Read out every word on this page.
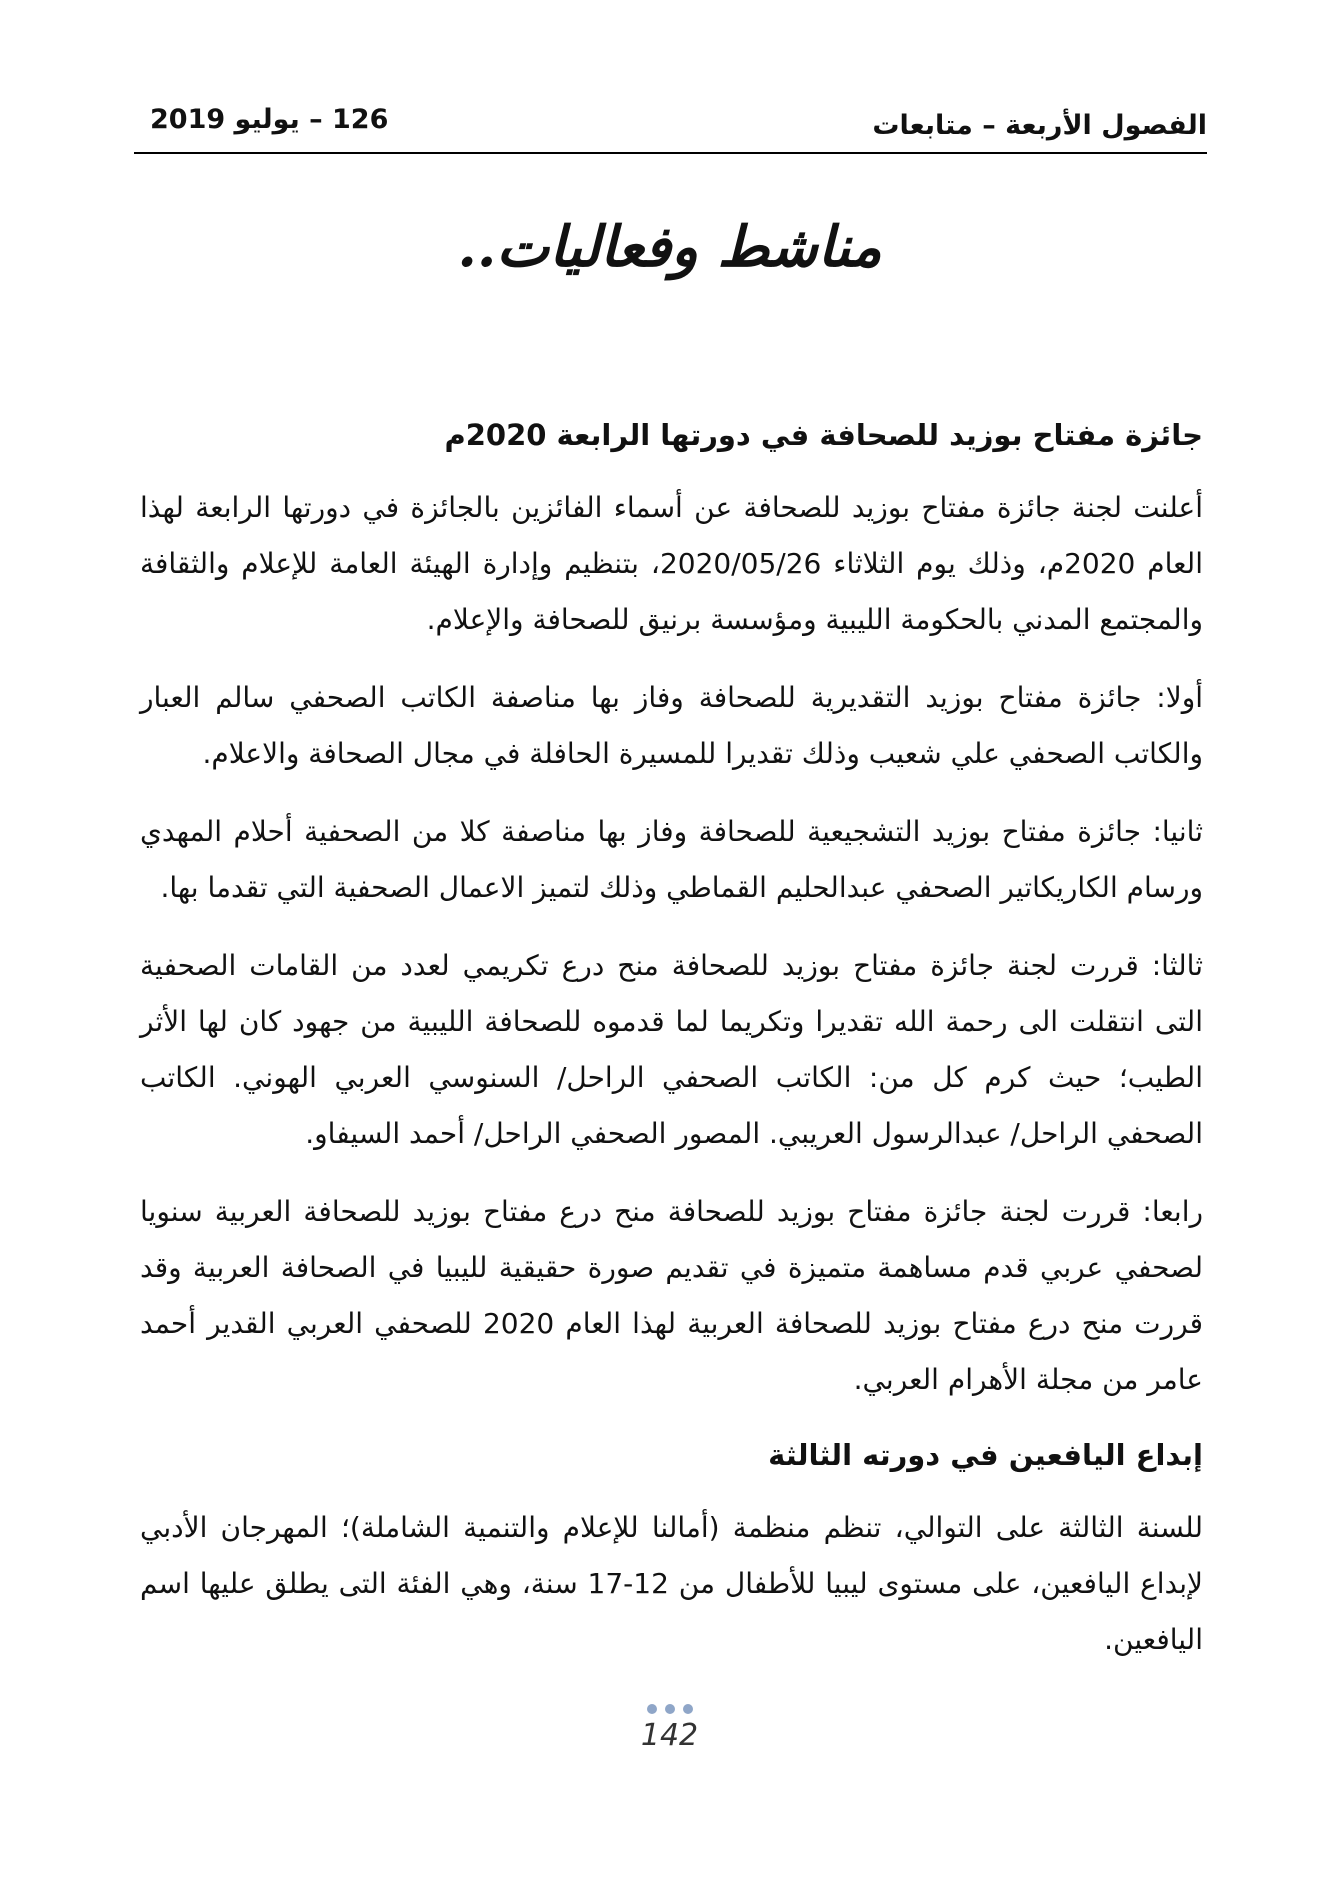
الفصول الأربعة – متابعات
126 – يوليو 2019
مناشط وفعاليات..
جائزة مفتاح بوزيد للصحافة في دورتها الرابعة 2020م

أعلنت لجنة جائزة مفتاح بوزيد للصحافة عن أسماء الفائزين بالجائزة في دورتها الرابعة لهذا العام 2020م، وذلك يوم الثلاثاء 2020/05/26، بتنظيم وإدارة الهيئة العامة للإعلام والثقافة والمجتمع المدني بالحكومة الليبية ومؤسسة برنيق للصحافة والإعلام.

أولا: جائزة مفتاح بوزيد التقديرية للصحافة وفاز بها مناصفة الكاتب الصحفي سالم العبار والكاتب الصحفي علي شعيب وذلك تقديرا للمسيرة الحافلة في مجال الصحافة والاعلام.

ثانيا: جائزة مفتاح بوزيد التشجيعية للصحافة وفاز بها مناصفة كلا من الصحفية أحلام المهدي ورسام الكاريكاتير الصحفي عبدالحليم القماطي وذلك لتميز الاعمال الصحفية التي تقدما بها.

ثالثا: قررت لجنة جائزة مفتاح بوزيد للصحافة منح درع تكريمي لعدد من القامات الصحفية التى انتقلت الى رحمة الله تقديرا وتكريما لما قدموه للصحافة الليبية من جهود كان لها الأثر الطيب؛ حيث كرم كل من: الكاتب الصحفي الراحل/ السنوسي العربي الهوني. الكاتب الصحفي الراحل/ عبدالرسول العريبي. المصور الصحفي الراحل/ أحمد السيفاو.

رابعا: قررت لجنة جائزة مفتاح بوزيد للصحافة منح درع مفتاح بوزيد للصحافة العربية سنويا لصحفي عربي قدم مساهمة متميزة في تقديم صورة حقيقية لليبيا في الصحافة العربية وقد قررت منح درع مفتاح بوزيد للصحافة العربية لهذا العام 2020 للصحفي العربي القدير أحمد عامر من مجلة الأهرام العربي.

إبداع اليافعين في دورته الثالثة

للسنة الثالثة على التوالي، تنظم منظمة (أمالنا للإعلام والتنمية الشاملة)؛ المهرجان الأدبي لإبداع اليافعين، على مستوى ليبيا للأطفال من 12-17 سنة، وهي الفئة التى يطلق عليها اسم اليافعين.

142
